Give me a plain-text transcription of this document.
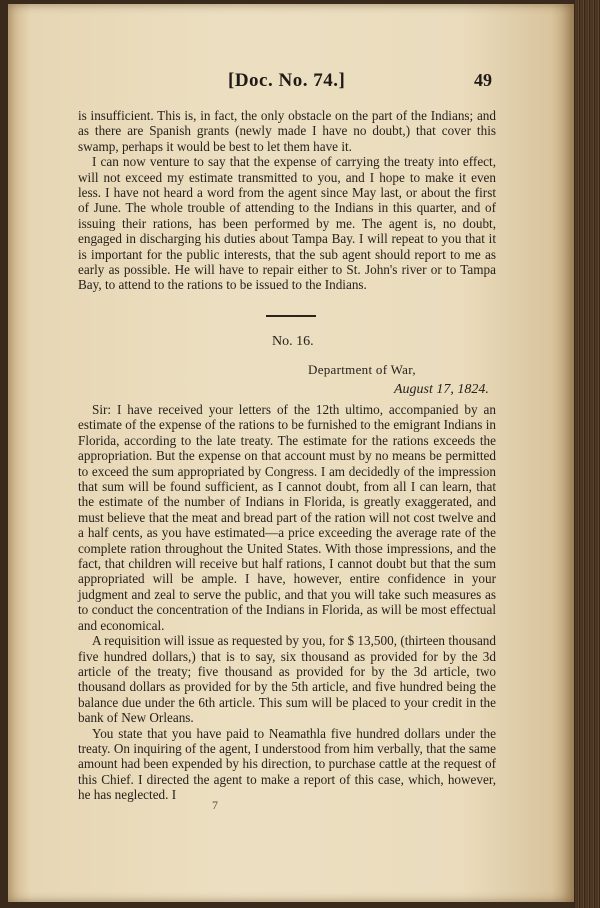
[Doc. No. 74.]	49

is insufficient. This is, in fact, the only obstacle on the part of the Indians; and as there are Spanish grants (newly made I have no doubt,) that cover this swamp, perhaps it would be best to let them have it.

I can now venture to say that the expense of carrying the treaty into effect, will not exceed my estimate transmitted to you, and I hope to make it even less. I have not heard a word from the agent since May last, or about the first of June. The whole trouble of attending to the Indians in this quarter, and of issuing their rations, has been performed by me. The agent is, no doubt, engaged in discharging his duties about Tampa Bay. I will repeat to you that it is important for the public interests, that the sub agent should report to me as early as possible. He will have to repair either to St. John's river or to Tampa Bay, to attend to the rations to be issued to the Indians.

No. 16.
Department of War,
August 17, 1824.

Sir: I have received your letters of the 12th ultimo, accompanied by an estimate of the expense of the rations to be furnished to the emigrant Indians in Florida, according to the late treaty. The estimate for the rations exceeds the appropriation. But the expense on that account must by no means be permitted to exceed the sum appropriated by Congress. I am decidedly of the impression that sum will be found sufficient, as I cannot doubt, from all I can learn, that the estimate of the number of Indians in Florida, is greatly exaggerated, and must believe that the meat and bread part of the ration will not cost twelve and a half cents, as you have estimated—a price exceeding the average rate of the complete ration throughout the United States. With those impressions, and the fact, that children will receive but half rations, I cannot doubt but that the sum appropriated will be ample. I have, however, entire confidence in your judgment and zeal to serve the public, and that you will take such measures as to conduct the concentration of the Indians in Florida, as will be most effectual and economical.

A requisition will issue as requested by you, for $ 13,500, (thirteen thousand five hundred dollars,) that is to say, six thousand as provided for by the 3d article of the treaty; five thousand as provided for by the 3d article, two thousand dollars as provided for by the 5th article, and five hundred being the balance due under the 6th article. This sum will be placed to your credit in the bank of New Orleans.

You state that you have paid to Neamathla five hundred dollars under the treaty. On inquiring of the agent, I understood from him verbally, that the same amount had been expended by his direction, to purchase cattle at the request of this Chief. I directed the agent to make a report of this case, which, however, he has neglected. I

7
